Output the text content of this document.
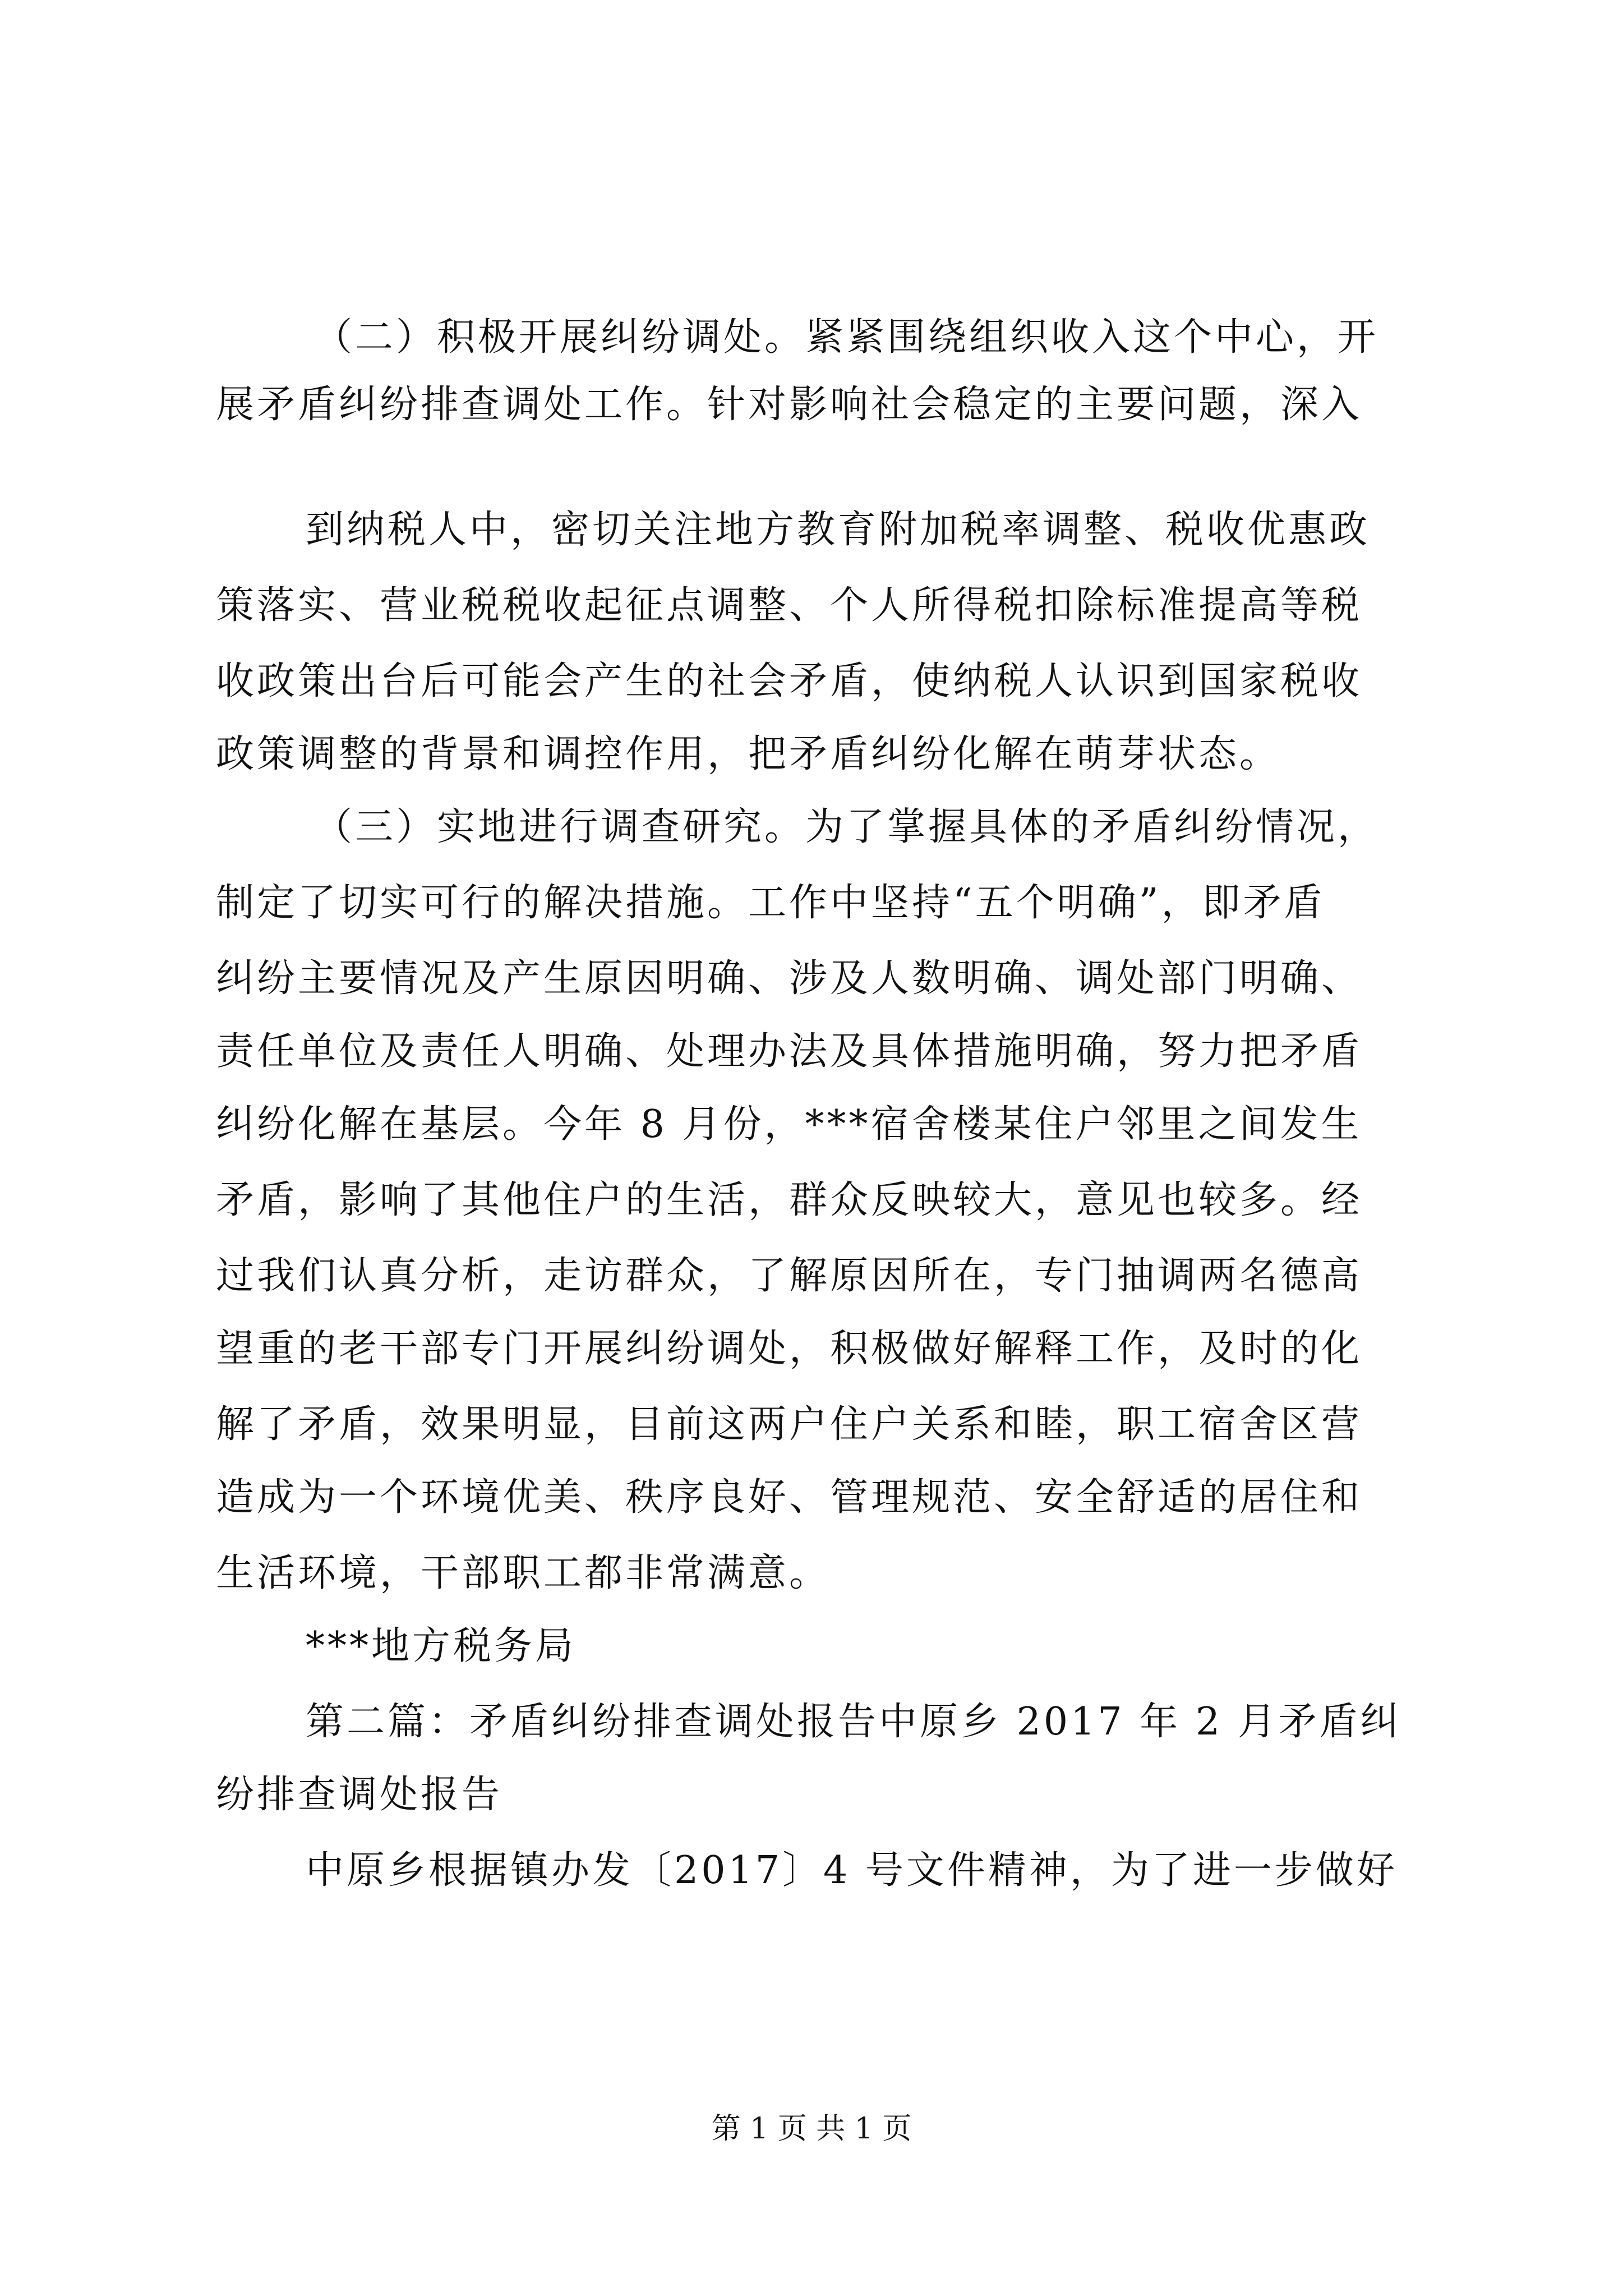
（二）积极开展纠纷调处。紧紧围绕组织收入这个中心，开
展矛盾纠纷排查调处工作。针对影响社会稳定的主要问题，深入
到纳税人中，密切关注地方教育附加税率调整、税收优惠政
策落实、营业税税收起征点调整、个人所得税扣除标准提高等税
收政策出台后可能会产生的社会矛盾，使纳税人认识到国家税收
政策调整的背景和调控作用，把矛盾纠纷化解在萌芽状态。
（三）实地进行调查研究。为了掌握具体的矛盾纠纷情况，
制定了切实可行的解决措施。工作中坚持“五个明确”，即矛盾
纠纷主要情况及产生原因明确、涉及人数明确、调处部门明确、
责任单位及责任人明确、处理办法及具体措施明确，努力把矛盾
纠纷化解在基层。今年 8 月份，***宿舍楼某住户邻里之间发生
矛盾，影响了其他住户的生活，群众反映较大，意见也较多。经
过我们认真分析，走访群众，了解原因所在，专门抽调两名德高
望重的老干部专门开展纠纷调处，积极做好解释工作，及时的化
解了矛盾，效果明显，目前这两户住户关系和睦，职工宿舍区营
造成为一个环境优美、秩序良好、管理规范、安全舒适的居住和
生活环境，干部职工都非常满意。
***地方税务局
第二篇：矛盾纠纷排查调处报告中原乡 2017 年 2 月矛盾纠
纷排查调处报告
中原乡根据镇办发〔2017〕4 号文件精神，为了进一步做好
第 1 页 共 1 页
